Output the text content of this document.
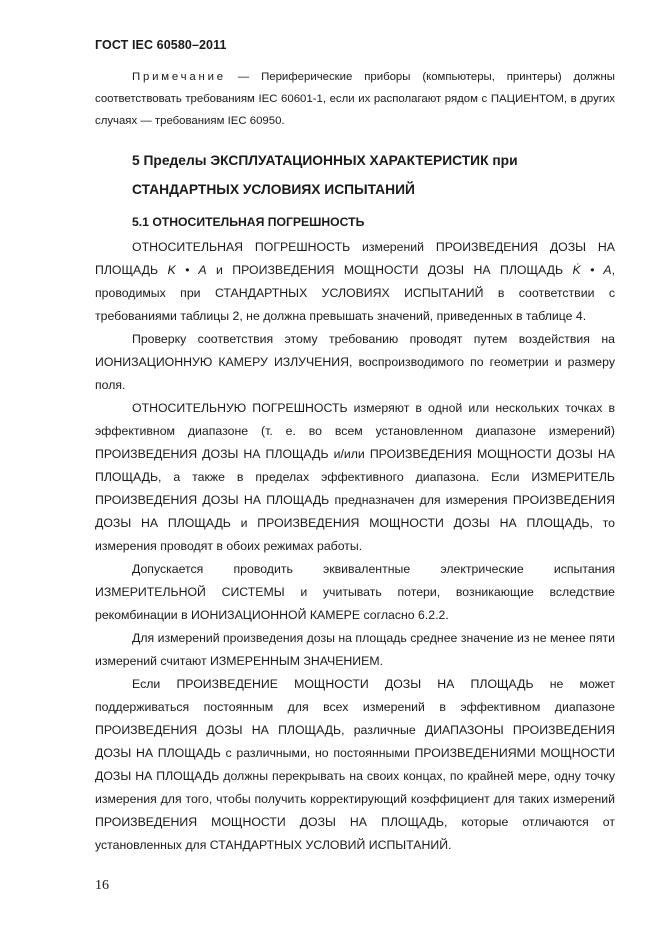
ГОСТ IEC 60580–2011
Примечание — Периферические приборы (компьютеры, принтеры) должны соответствовать требованиям IEC 60601-1, если их располагают рядом с ПАЦИЕНТОМ, в других случаях — требованиям IEC 60950.
5 Пределы ЭКСПЛУАТАЦИОННЫХ ХАРАКТЕРИСТИК при СТАНДАРТНЫХ УСЛОВИЯХ ИСПЫТАНИЙ
5.1 ОТНОСИТЕЛЬНАЯ ПОГРЕШНОСТЬ

ОТНОСИТЕЛЬНАЯ ПОГРЕШНОСТЬ измерений ПРОИЗВЕДЕНИЯ ДОЗЫ НА ПЛОЩАДЬ K • A и ПРОИЗВЕДЕНИЯ МОЩНОСТИ ДОЗЫ НА ПЛОЩАДЬ K̇ • A, проводимых при СТАНДАРТНЫХ УСЛОВИЯХ ИСПЫТАНИЙ в соответствии с требованиями таблицы 2, не должна превышать значений, приведенных в таблице 4.

Проверку соответствия этому требованию проводят путем воздействия на ИОНИЗАЦИОННУЮ КАМЕРУ ИЗЛУЧЕНИЯ, воспроизводимого по геометрии и размеру поля.

ОТНОСИТЕЛЬНУЮ ПОГРЕШНОСТЬ измеряют в одной или нескольких точках в эффективном диапазоне (т. е. во всем установленном диапазоне измерений) ПРОИЗВЕДЕНИЯ ДОЗЫ НА ПЛОЩАДЬ и/или ПРОИЗВЕДЕНИЯ МОЩНОСТИ ДОЗЫ НА ПЛОЩАДЬ, а также в пределах эффективного диапазона. Если ИЗМЕРИТЕЛЬ ПРОИЗВЕДЕНИЯ ДОЗЫ НА ПЛОЩАДЬ предназначен для измерения ПРОИЗВЕДЕНИЯ ДОЗЫ НА ПЛОЩАДЬ и ПРОИЗВЕДЕНИЯ МОЩНОСТИ ДОЗЫ НА ПЛОЩАДЬ, то измерения проводят в обоих режимах работы.

Допускается проводить эквивалентные электрические испытания ИЗМЕРИТЕЛЬНОЙ СИСТЕМЫ и учитывать потери, возникающие вследствие рекомбинации в ИОНИЗАЦИОННОЙ КАМЕРЕ согласно 6.2.2.

Для измерений произведения дозы на площадь среднее значение из не менее пяти измерений считают ИЗМЕРЕННЫМ ЗНАЧЕНИЕМ.

Если ПРОИЗВЕДЕНИЕ МОЩНОСТИ ДОЗЫ НА ПЛОЩАДЬ не может поддерживаться постоянным для всех измерений в эффективном диапазоне ПРОИЗВЕДЕНИЯ ДОЗЫ НА ПЛОЩАДЬ, различные ДИАПАЗОНЫ ПРОИЗВЕДЕНИЯ ДОЗЫ НА ПЛОЩАДЬ с различными, но постоянными ПРОИЗВЕДЕНИЯМИ МОЩНОСТИ ДОЗЫ НА ПЛОЩАДЬ должны перекрывать на своих концах, по крайней мере, одну точку измерения для того, чтобы получить корректирующий коэффициент для таких измерений ПРОИЗВЕДЕНИЯ МОЩНОСТИ ДОЗЫ НА ПЛОЩАДЬ, которые отличаются от установленных для СТАНДАРТНЫХ УСЛОВИЙ ИСПЫТАНИЙ.

16
